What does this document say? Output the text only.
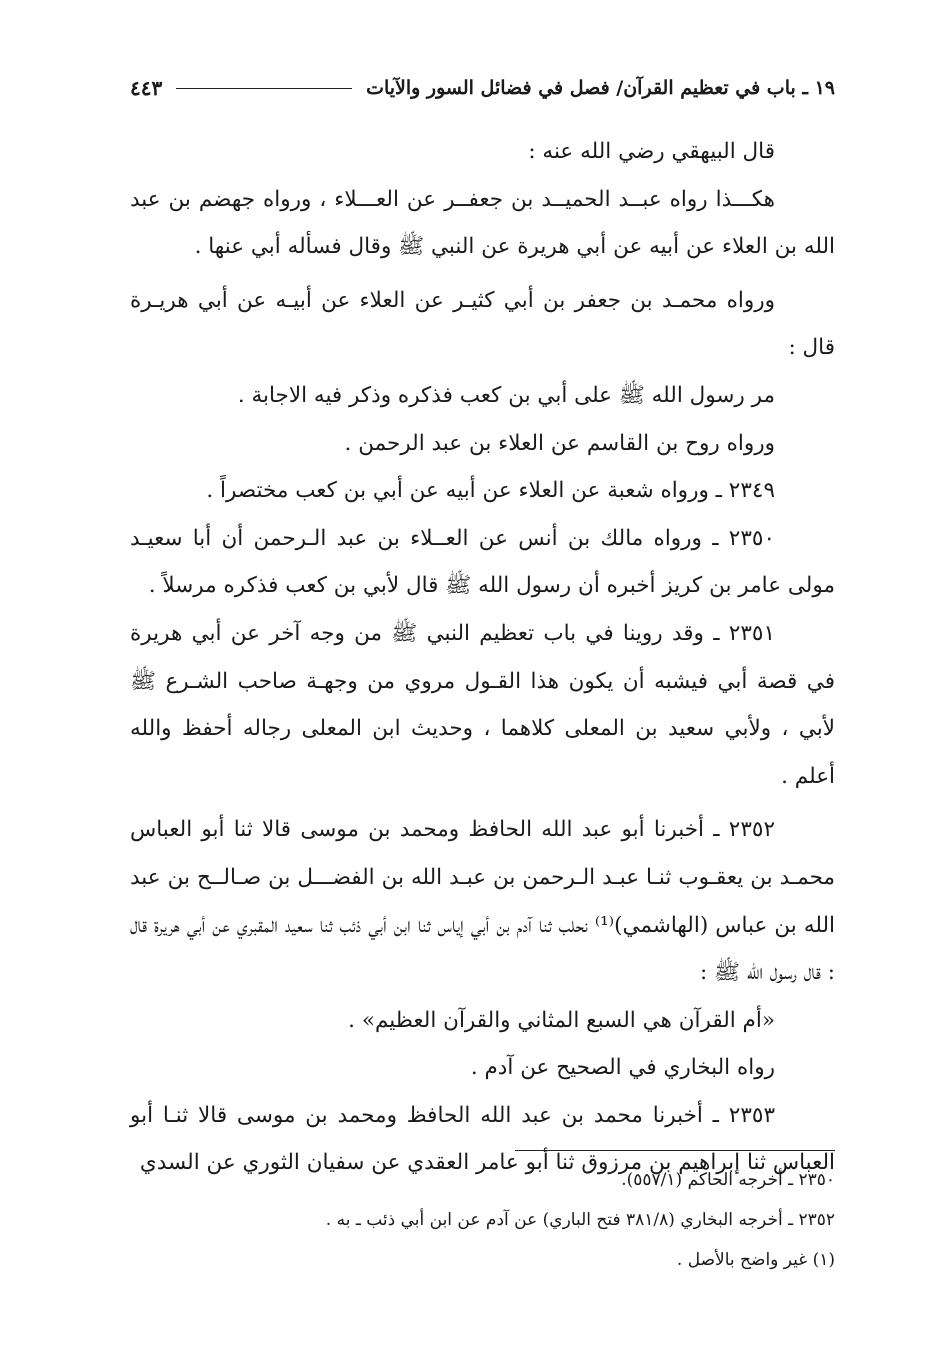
١٩ ـ باب في تعظيم القرآن/ فصل في فضائل السور والآيات
٤٤٣

قال البيهقي رضي الله عنه :

هكـــذا رواه عبــد الحميــد بن جعفــر عن العـــلاء ، ورواه جهضم بن عبد الله بن العلاء عن أبيه عن أبي هريرة عن النبي ﷺ وقال فسأله أبي عنها .

ورواه محمـد بن جعفر بن أبي كثيـر عن العلاء عن أبيـه عن أبي هريـرة قال :

مر رسول الله ﷺ على أبي بن كعب فذكره وذكر فيه الاجابة .

ورواه روح بن القاسم عن العلاء بن عبد الرحمن .

٢٣٤٩ ـ ورواه شعبة عن العلاء عن أبيه عن أبي بن كعب مختصراً .

٢٣٥٠ ـ ورواه مالك بن أنس عن العــلاء بن عبد الـرحمن أن أبا سعيـد مولى عامر بن كريز أخبره أن رسول الله ﷺ قال لأبي بن كعب فذكره مرسلاً .

٢٣٥١ ـ وقد روينا في باب تعظيم النبي ﷺ من وجه آخر عن أبي هريرة في قصة أبي فيشبه أن يكون هذا القـول مروي من وجهـة صاحب الشـرع ﷺ لأبي ، ولأبي سعيد بن المعلى كلاهما ، وحديث ابن المعلى رجاله أحفظ والله أعلم .

٢٣٥٢ ـ أخبرنا أبو عبد الله الحافظ ومحمد بن موسى قالا ثنا أبو العباس محمـد بن يعقـوب ثنـا عبـد الـرحمن بن عبـد الله بن الفضـــل بن صـالــح بن عبد الله بن عباس (الهاشمي)⁽¹⁾ نحلب ثنا آدم بن أبي إياس ثنا ابن أبي ذئب ثنا سعيد المقبري عن أبي هريرة قال : قال رسول الله ﷺ :

«أم القرآن هي السبع المثاني والقرآن العظيم» .

رواه البخاري في الصحيح عن آدم .

٢٣٥٣ ـ أخبرنا محمد بن عبد الله الحافظ ومحمد بن موسى قالا ثنـا أبو العباس ثنا إبراهيم بن مرزوق ثنا أبو عامر العقدي عن سفيان الثوري عن السدي

٢٣٥٠ ـ أخرجه الحاكم (٥٥٧/١).
٢٣٥٢ ـ أخرجه البخاري (٣٨١/٨ فتح الباري) عن آدم عن ابن أبي ذئب ـ به .
(١) غير واضح بالأصل .
